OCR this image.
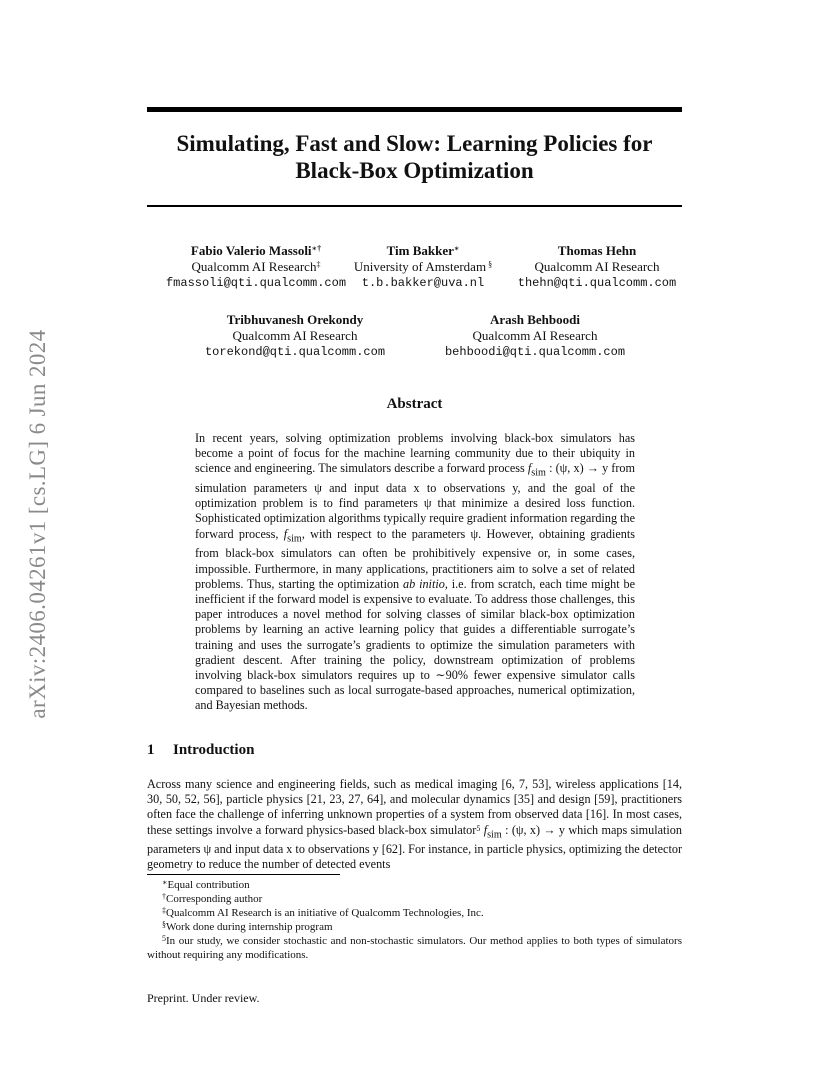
arXiv:2406.04261v1 [cs.LG] 6 Jun 2024
Simulating, Fast and Slow: Learning Policies for
Black-Box Optimization
Fabio Valerio Massoli∗†
Qualcomm AI Research‡
fmassoli@qti.qualcomm.com
Tim Bakker∗
University of Amsterdam §
t.b.bakker@uva.nl
Thomas Hehn
Qualcomm AI Research
thehn@qti.qualcomm.com
Tribhuvanesh Orekondy
Qualcomm AI Research
torekond@qti.qualcomm.com
Arash Behboodi
Qualcomm AI Research
behboodi@qti.qualcomm.com
Abstract

In recent years, solving optimization problems involving black-box simulators has become a point of focus for the machine learning community due to their ubiquity in science and engineering. The simulators describe a forward process $f_{sim}$ : (ψ, x) → y from simulation parameters ψ and input data x to observations y, and the goal of the optimization problem is to find parameters ψ that minimize a desired loss function. Sophisticated optimization algorithms typically require gradient information regarding the forward process, $f_{sim}$, with respect to the parameters ψ. However, obtaining gradients from black-box simulators can often be prohibitively expensive or, in some cases, impossible. Furthermore, in many applications, practitioners aim to solve a set of related problems. Thus, starting the optimization ab initio, i.e. from scratch, each time might be inefficient if the forward model is expensive to evaluate. To address those challenges, this paper introduces a novel method for solving classes of similar black-box optimization problems by learning an active learning policy that guides a differentiable surrogate’s training and uses the surrogate’s gradients to optimize the simulation parameters with gradient descent. After training the policy, downstream optimization of problems involving black-box simulators requires up to ∼90% fewer expensive simulator calls compared to baselines such as local surrogate-based approaches, numerical optimization, and Bayesian methods.

1 Introduction

Across many science and engineering fields, such as medical imaging [6, 7, 53], wireless applications [14, 30, 50, 52, 56], particle physics [21, 23, 27, 64], and molecular dynamics [35] and design [59], practitioners often face the challenge of inferring unknown properties of a system from observed data [16]. In most cases, these settings involve a forward physics-based black-box simulator$^5$ $f_{sim}$ : (ψ, x) → y which maps simulation parameters ψ and input data x to observations y [62]. For instance, in particle physics, optimizing the detector geometry to reduce the number of detected events

∗Equal contribution

†Corresponding author

‡Qualcomm AI Research is an initiative of Qualcomm Technologies, Inc.

§Work done during internship program

$^5$In our study, we consider stochastic and non-stochastic simulators. Our method applies to both types of simulators without requiring any modifications.

Preprint. Under review.
